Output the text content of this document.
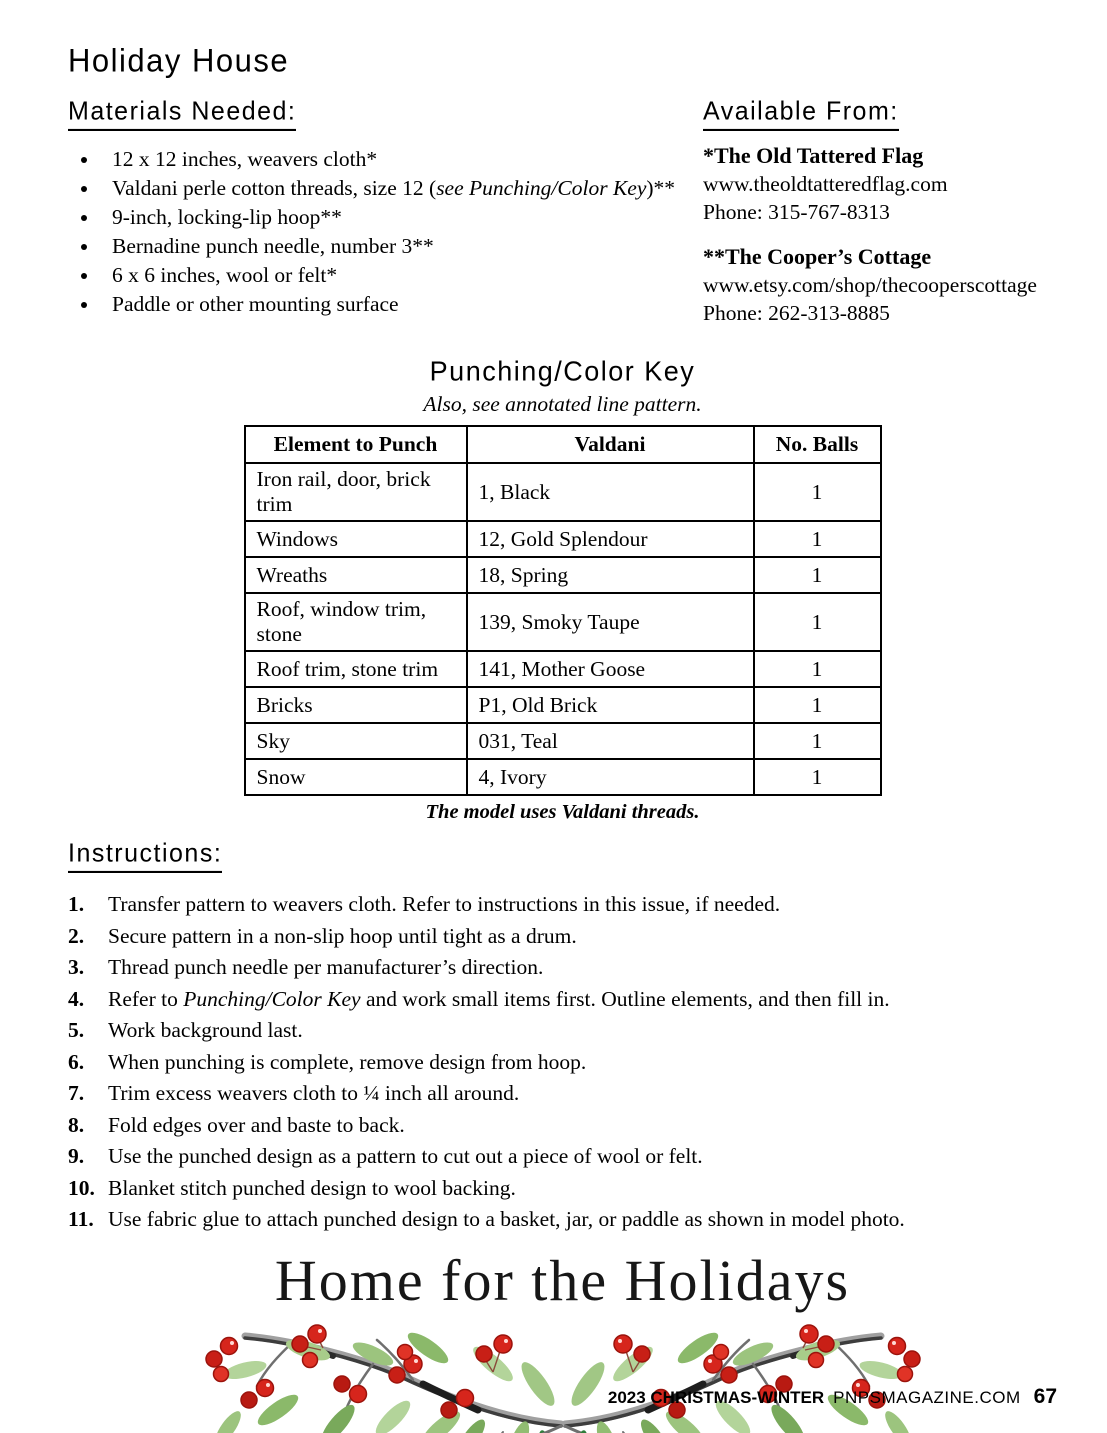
Holiday House
Materials Needed:
• 12 x 12 inches, weavers cloth*
• Valdani perle cotton threads, size 12 (see Punching/Color Key)**
• 9-inch, locking-lip hoop**
• Bernadine punch needle, number 3**
• 6 x 6 inches, wool or felt*
• Paddle or other mounting surface
Available From:
*The Old Tattered Flag
www.theoldtatteredflag.com
Phone: 315-767-8313
**The Cooper’s Cottage
www.etsy.com/shop/thecooperscottage
Phone: 262-313-8885
Punching/Color Key
Also, see annotated line pattern.
Element to Punch	Valdani	No. Balls
Iron rail, door, brick trim	1, Black	1
Windows	12, Gold Splendour	1
Wreaths	18, Spring	1
Roof, window trim, stone	139, Smoky Taupe	1
Roof trim, stone trim	141, Mother Goose	1
Bricks	P1, Old Brick	1
Sky	031, Teal	1
Snow	4, Ivory	1
The model uses Valdani threads.
Instructions:
1.	Transfer pattern to weavers cloth. Refer to instructions in this issue, if needed.
2.	Secure pattern in a non-slip hoop until tight as a drum.
3.	Thread punch needle per manufacturer’s direction.
4.	Refer to Punching/Color Key and work small items first. Outline elements, and then fill in.
5.	Work background last.
6.	When punching is complete, remove design from hoop.
7.	Trim excess weavers cloth to ¼ inch all around.
8.	Fold edges over and baste to back.
9.	Use the punched design as a pattern to cut out a piece of wool or felt.
10. Blanket stitch punched design to wool backing.
11. Use fabric glue to attach punched design to a basket, jar, or paddle as shown in model photo.
Home for the Holidays
2023 CHRISTMAS-WINTER PNPSMAGAZINE.COM 67
